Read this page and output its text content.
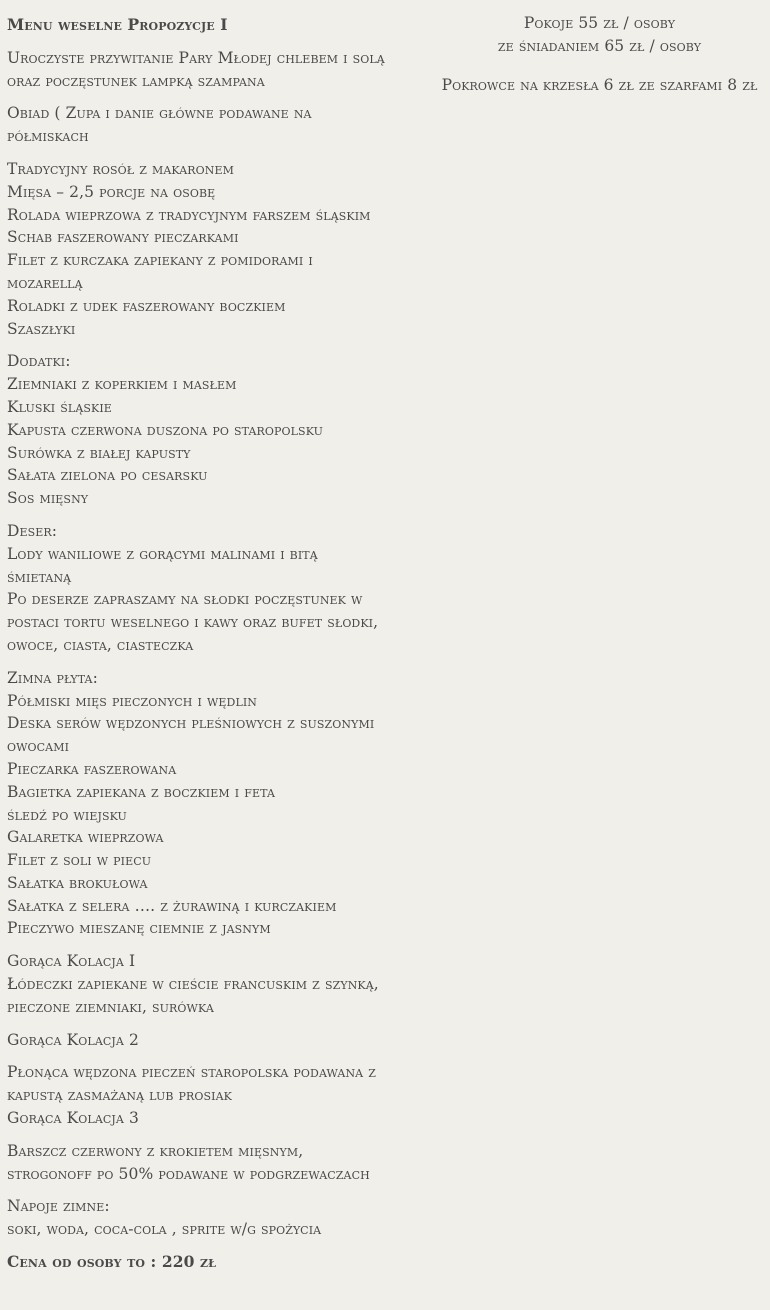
Menu weselne Propozycje I

Uroczyste przywitanie Pary Młodej chlebem i solą
oraz poczęstunek lampką szampana

Obiad ( Zupa i danie główne podawane na
półmiskach

Tradycyjny rosół z makaronem
Mięsa – 2,5 porcje na osobę
Rolada wieprzowa z tradycyjnym farszem śląskim
Schab faszerowany pieczarkami
Filet z kurczaka zapiekany z pomidorami i
mozarellą
Roladki z udek faszerowany boczkiem
Szaszłyki

Dodatki:
Ziemniaki z koperkiem i masłem
Kluski śląskie
Kapusta czerwona duszona po staropolsku
Surówka z białej kapusty
Sałata zielona po cesarsku
Sos mięsny

Deser:
Lody waniliowe z gorącymi malinami i bitą
śmietaną
Po deserze zapraszamy na słodki poczęstunek w
postaci tortu weselnego i kawy oraz bufet słodki,
owoce, ciasta, ciasteczka

Zimna płyta:
Półmiski mięs pieczonych i wędlin
Deska serów wędzonych pleśniowych z suszonymi
owocami
Pieczarka faszerowana
Bagietka zapiekana z boczkiem i feta
śledź po wiejsku
Galaretka wieprzowa
Filet z soli w piecu
Sałatka brokułowa
Sałatka z selera …. z żurawiną i kurczakiem
Pieczywo mieszanę ciemnie z jasnym

Gorąca Kolacja I
Łódeczki zapiekane w cieście francuskim z szynką,
pieczone ziemniaki, surówka

Gorąca Kolacja 2

Płonąca wędzona pieczeń staropolska podawana z
kapustą zasmażaną lub prosiak
Gorąca Kolacja 3

Barszcz czerwony z krokietem mięsnym,
strogonoff po 50% podawane w podgrzewaczach

Napoje zimne:
soki, woda, coca-cola , sprite w/g spożycia

Cena od osoby to : 220 zł

Pokoje 55 zł / osoby
ze śniadaniem 65 zł / osoby

Pokrowce na krzesła 6 zł ze szarfami 8 zł
